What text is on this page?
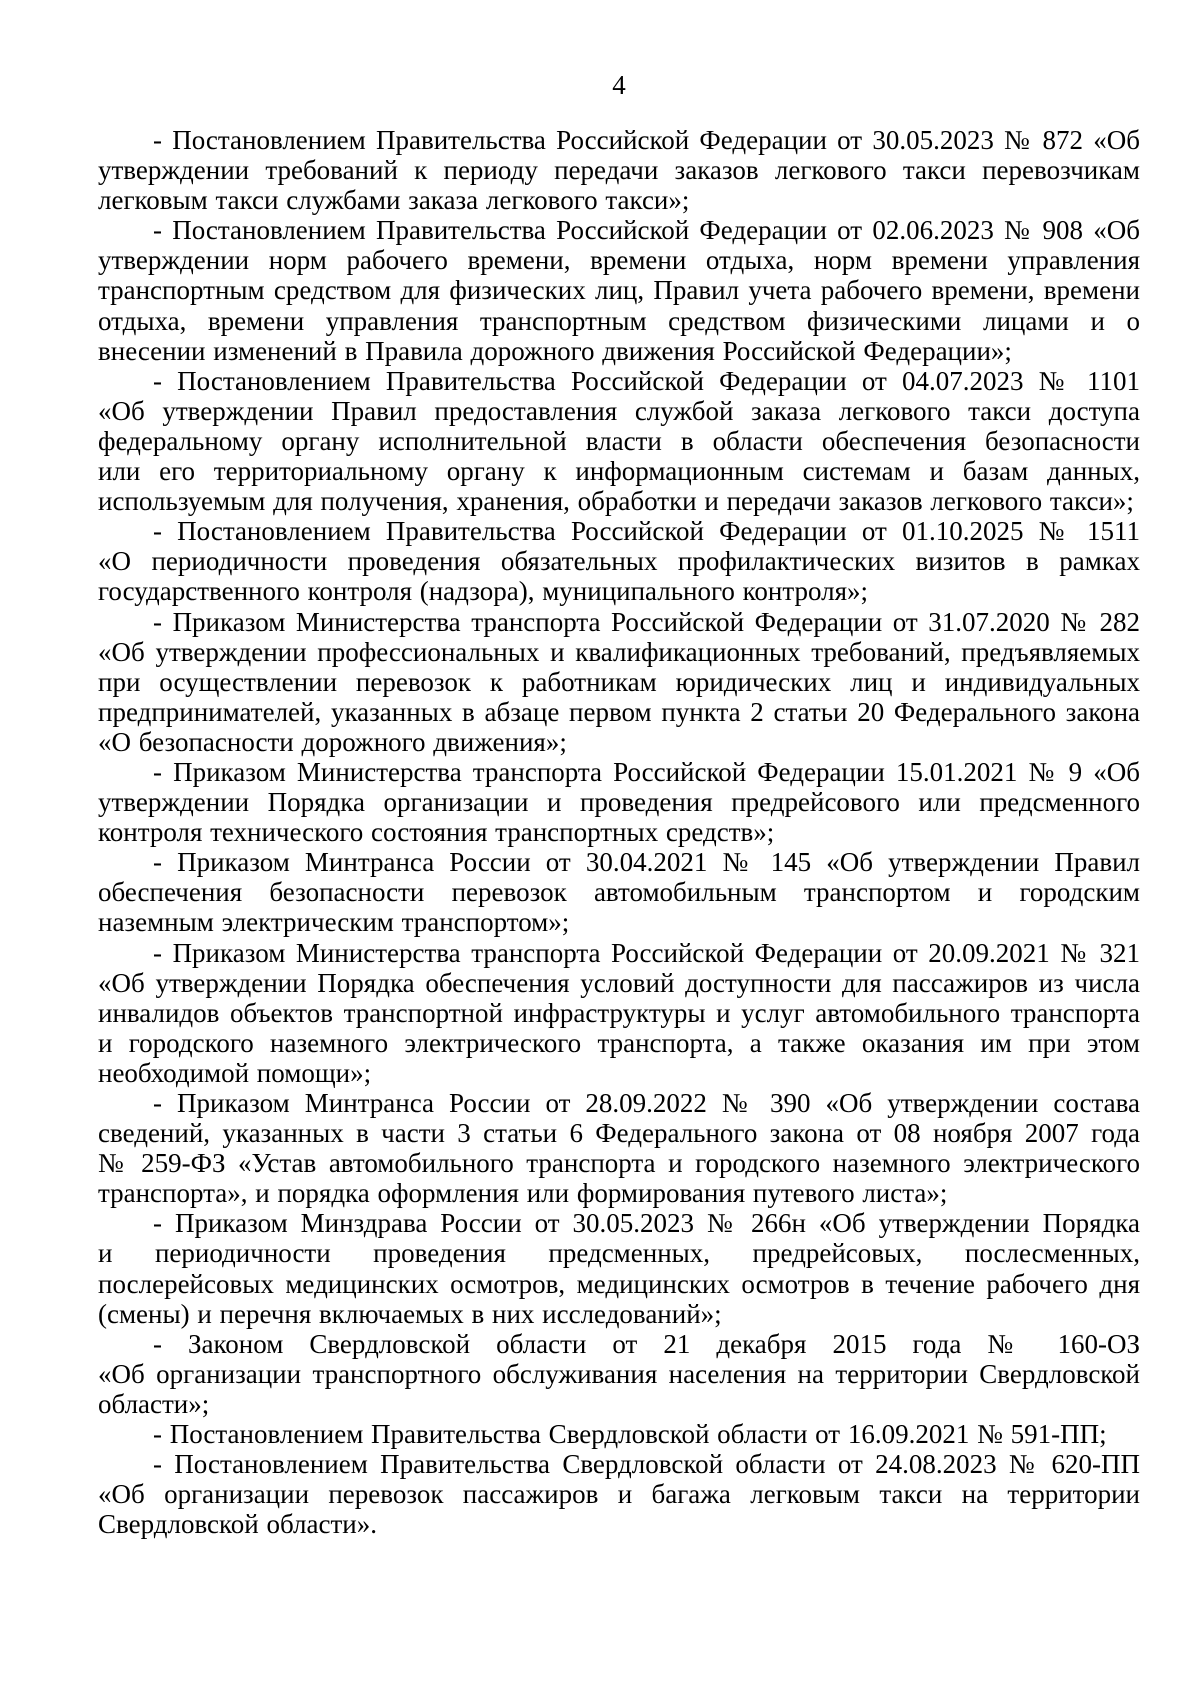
4

- Постановлением Правительства Российской Федерации от 30.05.2023 № 872 «Об утверждении требований к периоду передачи заказов легкового такси перевозчикам легковым такси службами заказа легкового такси»;

- Постановлением Правительства Российской Федерации от 02.06.2023 № 908 «Об утверждении норм рабочего времени, времени отдыха, норм времени управления транспортным средством для физических лиц, Правил учета рабочего времени, времени отдыха, времени управления транспортным средством физическими лицами и о внесении изменений в Правила дорожного движения Российской Федерации»;

- Постановлением Правительства Российской Федерации от 04.07.2023 № 1101 «Об утверждении Правил предоставления службой заказа легкового такси доступа федеральному органу исполнительной власти в области обеспечения безопасности или его территориальному органу к информационным системам и базам данных, используемым для получения, хранения, обработки и передачи заказов легкового такси»;

- Постановлением Правительства Российской Федерации от 01.10.2025 № 1511 «О периодичности проведения обязательных профилактических визитов в рамках государственного контроля (надзора), муниципального контроля»;

- Приказом Министерства транспорта Российской Федерации от 31.07.2020 № 282 «Об утверждении профессиональных и квалификационных требований, предъявляемых при осуществлении перевозок к работникам юридических лиц и индивидуальных предпринимателей, указанных в абзаце первом пункта 2 статьи 20 Федерального закона «О безопасности дорожного движения»;

- Приказом Министерства транспорта Российской Федерации 15.01.2021 № 9 «Об утверждении Порядка организации и проведения предрейсового или предсменного контроля технического состояния транспортных средств»;

- Приказом Минтранса России от 30.04.2021 № 145 «Об утверждении Правил обеспечения безопасности перевозок автомобильным транспортом и городским наземным электрическим транспортом»;

- Приказом Министерства транспорта Российской Федерации от 20.09.2021 № 321 «Об утверждении Порядка обеспечения условий доступности для пассажиров из числа инвалидов объектов транспортной инфраструктуры и услуг автомобильного транспорта и городского наземного электрического транспорта, а также оказания им при этом необходимой помощи»;

- Приказом Минтранса России от 28.09.2022 № 390 «Об утверждении состава сведений, указанных в части 3 статьи 6 Федерального закона от 08 ноября 2007 года № 259-ФЗ «Устав автомобильного транспорта и городского наземного электрического транспорта», и порядка оформления или формирования путевого листа»;

- Приказом Минздрава России от 30.05.2023 № 266н «Об утверждении Порядка и периодичности проведения предсменных, предрейсовых, послесменных, послерейсовых медицинских осмотров, медицинских осмотров в течение рабочего дня (смены) и перечня включаемых в них исследований»;

- Законом Свердловской области от 21 декабря 2015 года № 160-ОЗ «Об организации транспортного обслуживания населения на территории Свердловской области»;

- Постановлением Правительства Свердловской области от 16.09.2021 № 591-ПП;

- Постановлением Правительства Свердловской области от 24.08.2023 № 620-ПП «Об организации перевозок пассажиров и багажа легковым такси на территории Свердловской области».
